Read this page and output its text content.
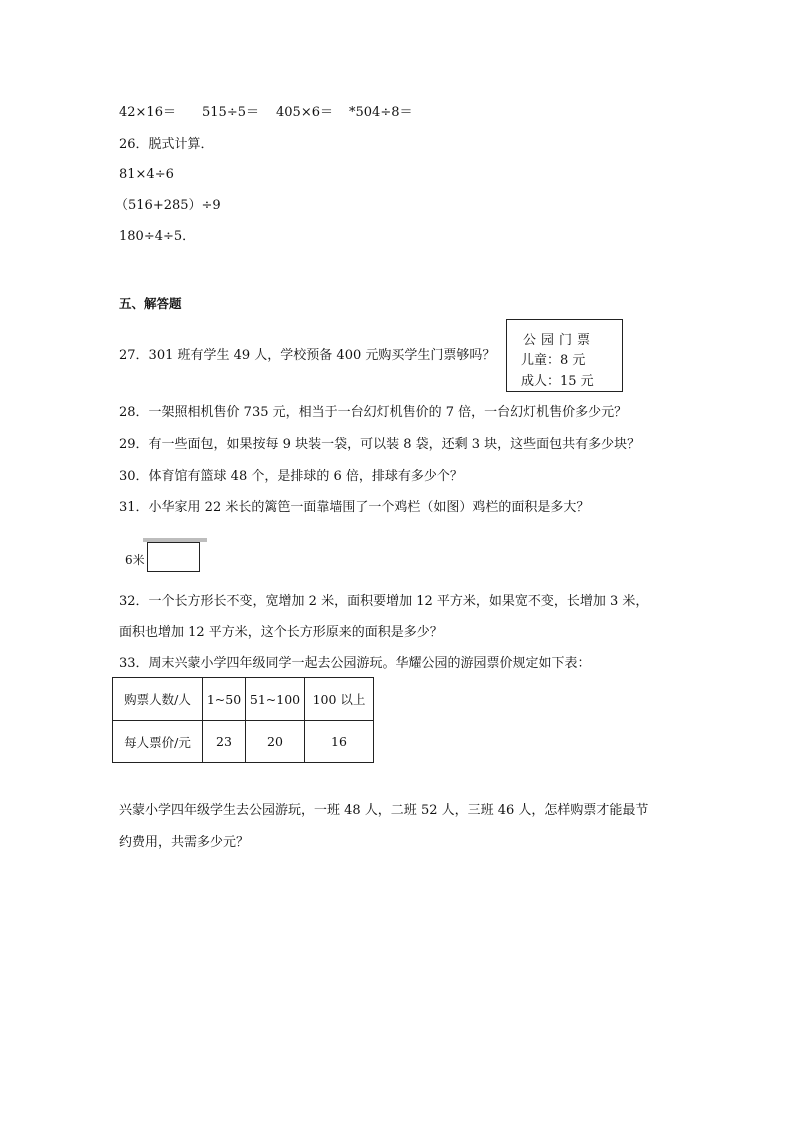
42×16＝ 515÷5＝ 405×6＝ *504÷8＝
26．脱式计算．
81×4÷6
（516+285）÷9
180÷4÷5．
五、解答题
27．301 班有学生 49 人，学校预备 400 元购买学生门票够吗？
公园门票
儿童：8 元
成人：15 元
28．一架照相机售价 735 元，相当于一台幻灯机售价的 7 倍，一台幻灯机售价多少元？
29．有一些面包，如果按每 9 块装一袋，可以装 8 袋，还剩 3 块，这些面包共有多少块？
30．体育馆有篮球 48 个，是排球的 6 倍，排球有多少个？
31．小华家用 22 米长的篱笆一面靠墙围了一个鸡栏（如图）鸡栏的面积是多大？
6米
32．一个长方形长不变，宽增加 2 米，面积要增加 12 平方米，如果宽不变，长增加 3 米，
面积也增加 12 平方米，这个长方形原来的面积是多少？
33．周末兴蒙小学四年级同学一起去公园游玩。华耀公园的游园票价规定如下表：
购票人数/人	1~50	51~100	100 以上
每人票价/元	23	20	16
兴蒙小学四年级学生去公园游玩，一班 48 人，二班 52 人，三班 46 人，怎样购票才能最节
约费用，共需多少元？
